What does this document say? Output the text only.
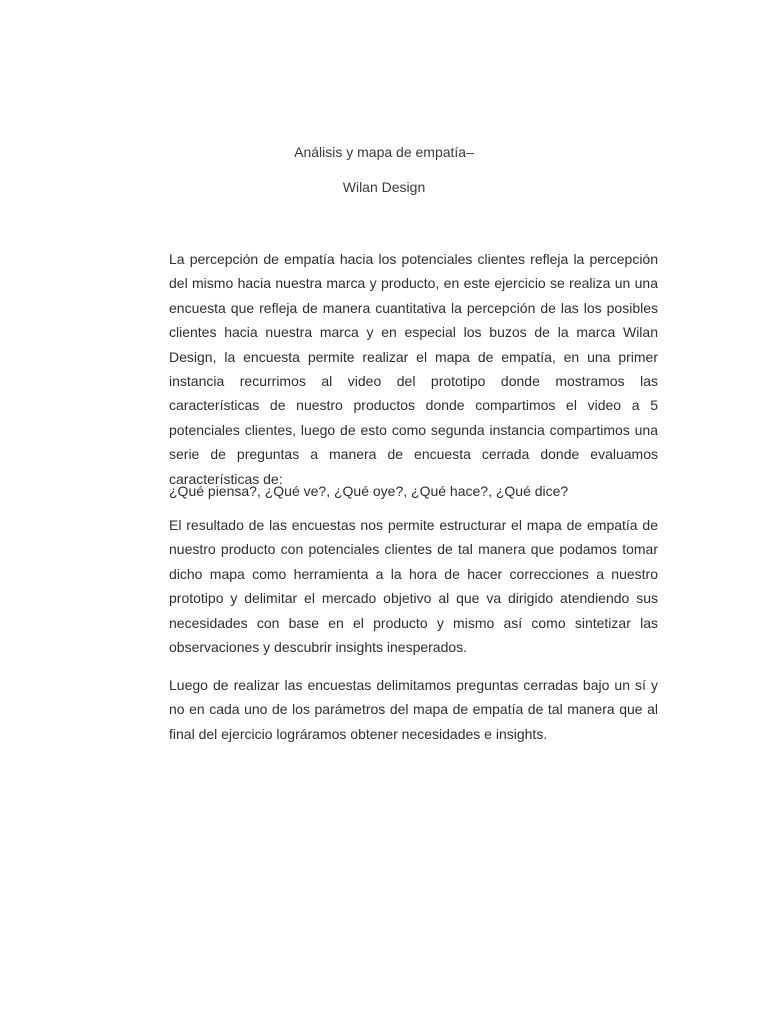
Análisis y mapa de empatía–
Wilan Design

La percepción de empatía hacia los potenciales clientes refleja la percepción del mismo hacia nuestra marca y producto, en este ejercicio se realiza un una encuesta que refleja de manera cuantitativa la percepción de las los posibles clientes hacia nuestra marca y en especial los buzos de la marca Wilan Design, la encuesta permite realizar el mapa de empatía, en una primer instancia recurrimos al video del prototipo donde mostramos las características de nuestro productos donde compartimos el video a 5 potenciales clientes, luego de esto como segunda instancia compartimos una serie de preguntas a manera de encuesta cerrada donde evaluamos características de:

¿Qué piensa?, ¿Qué ve?, ¿Qué oye?, ¿Qué hace?, ¿Qué dice?

El resultado de las encuestas nos permite estructurar el mapa de empatía de nuestro producto con potenciales clientes de tal manera que podamos tomar dicho mapa como herramienta a la hora de hacer correcciones a nuestro prototipo y delimitar el mercado objetivo al que va dirigido atendiendo sus necesidades con base en el producto y mismo así como sintetizar las observaciones y descubrir insights inesperados.

Luego de realizar las encuestas delimitamos preguntas cerradas bajo un sí y no en cada uno de los parámetros del mapa de empatía de tal manera que al final del ejercicio lográramos obtener necesidades e insights.
